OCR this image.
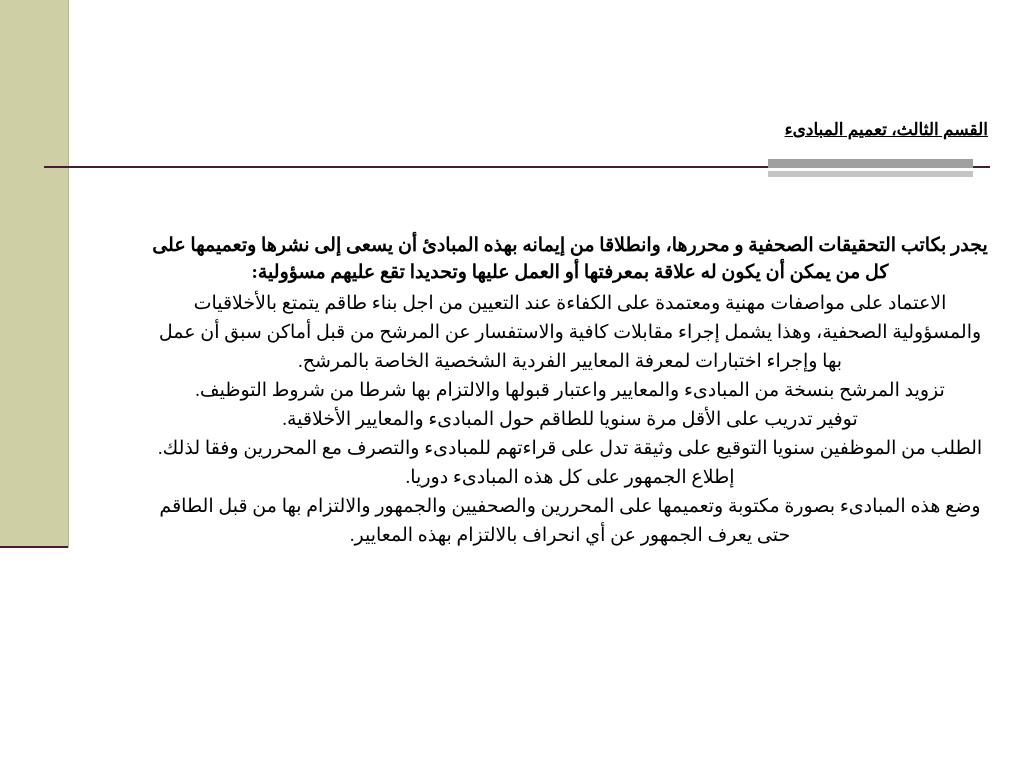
القسم الثالث، تعميم المبادىء

يجدر بكاتب التحقيقات الصحفية و محررها، وانطلاقا من إيمانه بهذه المبادئ أن يسعى إلى نشرها وتعميمها على كل من يمكن أن يكون له علاقة بمعرفتها أو العمل عليها وتحديدا تقع عليهم مسؤولية:

الاعتماد على مواصفات مهنية ومعتمدة على الكفاءة عند التعيين من اجل بناء طاقم يتمتع بالأخلاقيات والمسؤولية الصحفية، وهذا يشمل إجراء مقابلات كافية والاستفسار عن المرشح من قبل أماكن سبق أن عمل بها وإجراء اختبارات لمعرفة المعايير الفردية الشخصية الخاصة بالمرشح.

تزويد المرشح بنسخة من المبادىء والمعايير واعتبار قبولها والالتزام بها شرطا من شروط التوظيف.

توفير تدريب على الأقل مرة سنويا للطاقم حول المبادىء والمعايير الأخلاقية.

الطلب من الموظفين سنويا التوقيع على وثيقة تدل على قراءتهم للمبادىء والتصرف مع المحررين وفقا لذلك.

إطلاع الجمهور على كل هذه المبادىء دوريا.

وضع هذه المبادىء بصورة مكتوبة وتعميمها على المحررين والصحفيين والجمهور والالتزام بها من قبل الطاقم حتى يعرف الجمهور عن أي انحراف بالالتزام بهذه المعايير.
